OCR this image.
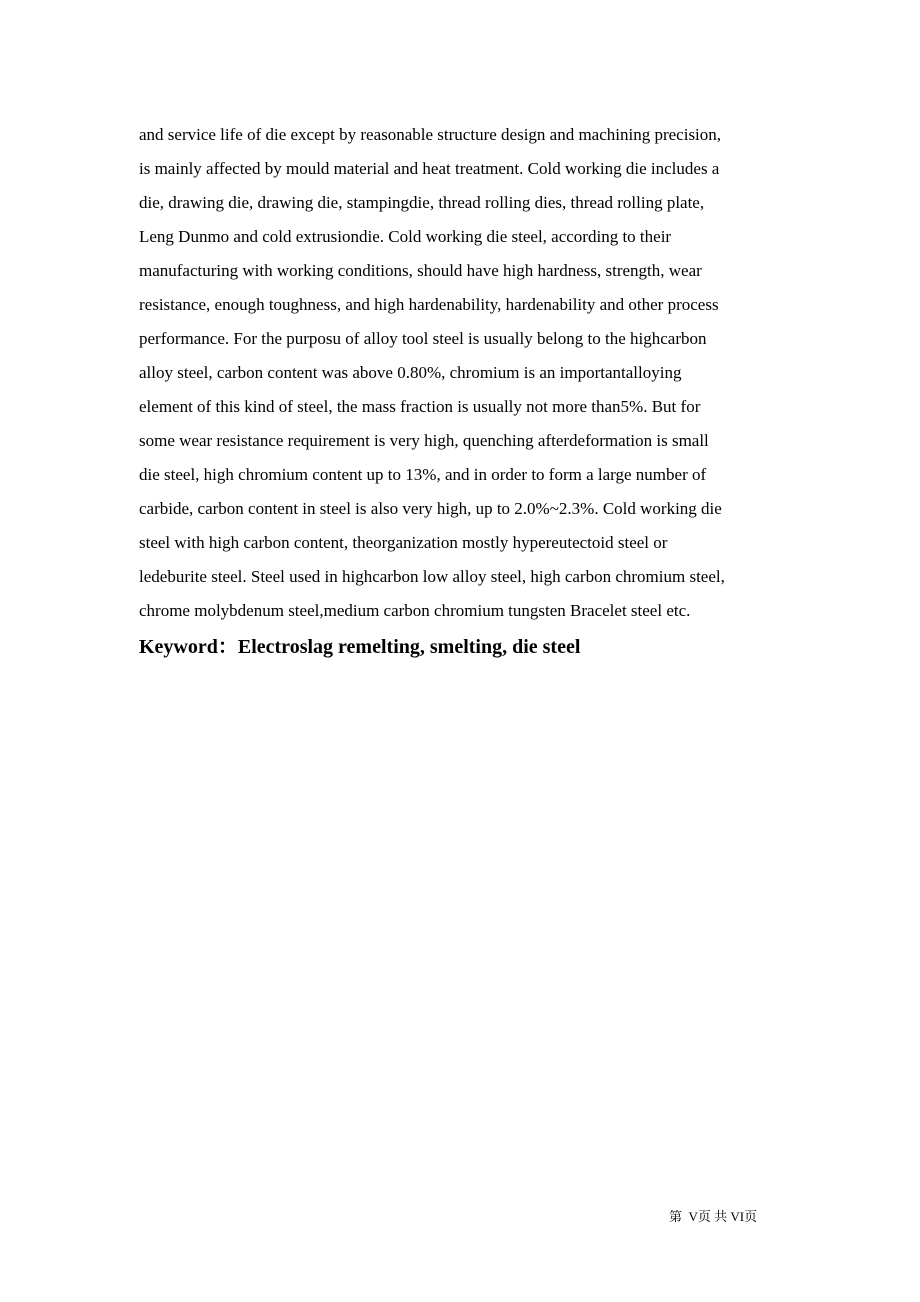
and service life of die except by reasonable structure design and machining precision,
is mainly affected by mould material and heat treatment. Cold working die includes a
die, drawing die, drawing die, stampingdie, thread rolling dies, thread rolling plate,
Leng Dunmo and cold extrusiondie. Cold working die steel, according to their
manufacturing with working conditions, should have high hardness, strength, wear
resistance, enough toughness, and high hardenability, hardenability and other process
performance. For the purposu of alloy tool steel is usually belong to the highcarbon
alloy steel, carbon content was above 0.80%, chromium is an importantalloying
element of this kind of steel, the mass fraction is usually not more than5%. But for
some wear resistance requirement is very high, quenching afterdeformation is small
die steel, high chromium content up to 13%, and in order to form a large number of
carbide, carbon content in steel is also very high, up to 2.0%~2.3%. Cold working die
steel with high carbon content, theorganization mostly hypereutectoid steel or
ledeburite steel. Steel used in highcarbon low alloy steel, high carbon chromium steel,
chrome molybdenum steel,medium carbon chromium tungsten Bracelet steel etc.

Keyword：Electroslag remelting, smelting, die steel

第  V页 共 VI页
